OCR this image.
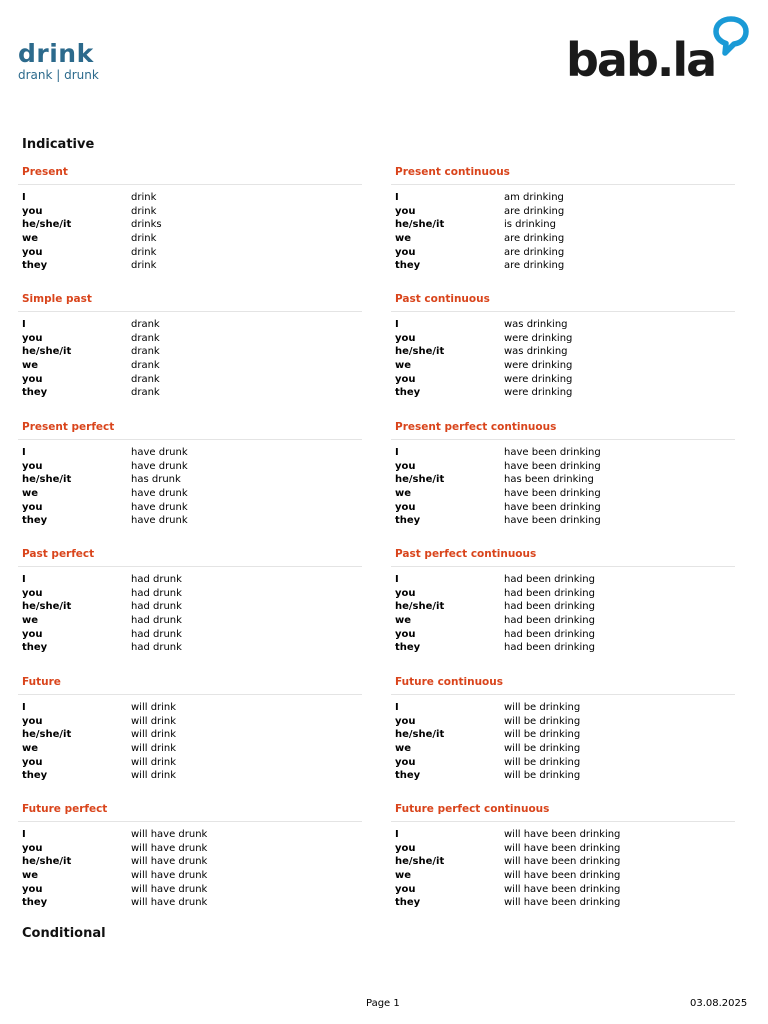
drink
drank | drunk	bab.la
Indicative
Present
I	drink
you	drink
he/she/it	drinks
we	drink
you	drink
they	drink
Present continuous
I	am drinking
you	are drinking
he/she/it	is drinking
we	are drinking
you	are drinking
they	are drinking
Simple past
I	drank
you	drank
he/she/it	drank
we	drank
you	drank
they	drank
Past continuous
I	was drinking
you	were drinking
he/she/it	was drinking
we	were drinking
you	were drinking
they	were drinking
Present perfect
I	have drunk
you	have drunk
he/she/it	has drunk
we	have drunk
you	have drunk
they	have drunk
Present perfect continuous
I	have been drinking
you	have been drinking
he/she/it	has been drinking
we	have been drinking
you	have been drinking
they	have been drinking
Past perfect
I	had drunk
you	had drunk
he/she/it	had drunk
we	had drunk
you	had drunk
they	had drunk
Past perfect continuous
I	had been drinking
you	had been drinking
he/she/it	had been drinking
we	had been drinking
you	had been drinking
they	had been drinking
Future
I	will drink
you	will drink
he/she/it	will drink
we	will drink
you	will drink
they	will drink
Future continuous
I	will be drinking
you	will be drinking
he/she/it	will be drinking
we	will be drinking
you	will be drinking
they	will be drinking
Future perfect
I	will have drunk
you	will have drunk
he/she/it	will have drunk
we	will have drunk
you	will have drunk
they	will have drunk
Future perfect continuous
I	will have been drinking
you	will have been drinking
he/she/it	will have been drinking
we	will have been drinking
you	will have been drinking
they	will have been drinking
Conditional
Page 1	03.08.2025
